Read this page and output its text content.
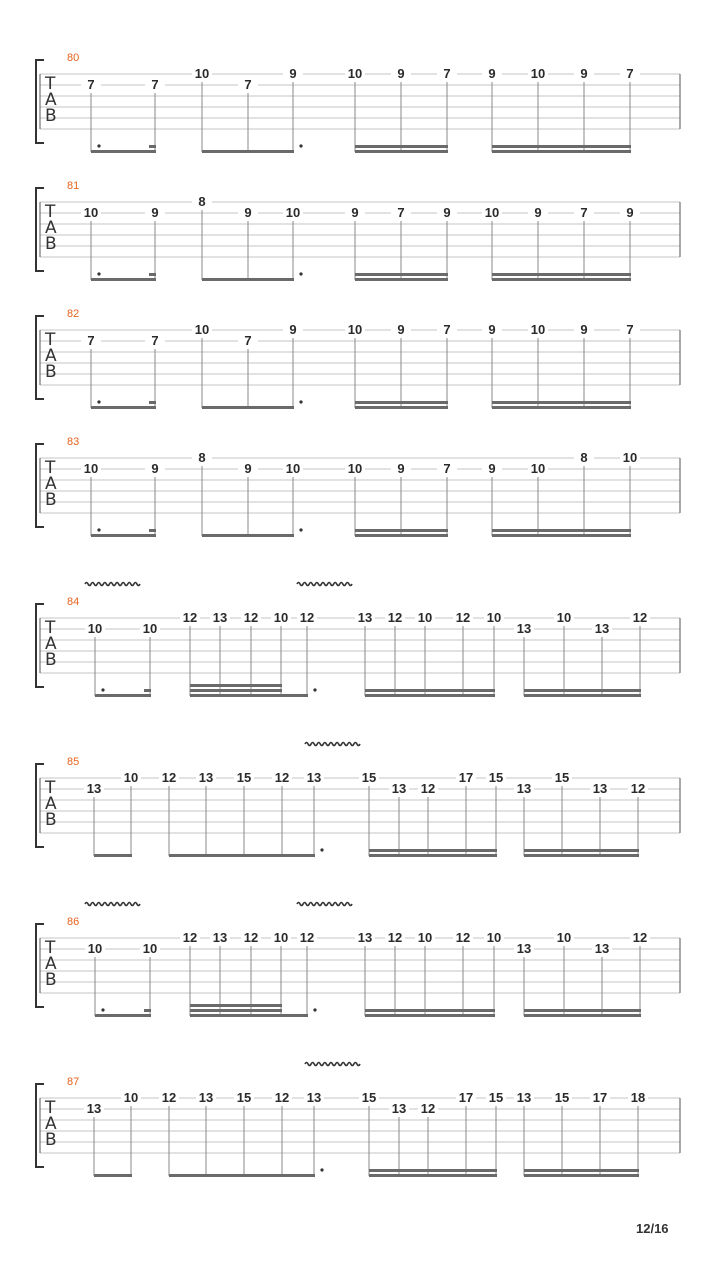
80
T
A
B
7	7
10
7
9	10	9	7	9	10	9	7
81
T
A
B
10	9
8
9	10	9	7	9	10	9	7	9
82
T
A
B
7	7
10
7
9	10	9	7	9	10	9	7
83
T
A
B
10	9
8
9	10	10	9	7	9	10
8	10
84
T
A
B
10	10
12 13 12 10 12	13 12 10 12 10
13
10
13
12
85
T
A
B
13
10 12 13 15 12 13	15
13 12
17 15
13
15
13 12
86
T
A
B
10	10
12 13 12 10 12	13 12 10 12 10
13
10
13
12
87
T
A
B
13
10 12 13 15 12 13	15
13 12
17 15 13 15 17 18
12/16
